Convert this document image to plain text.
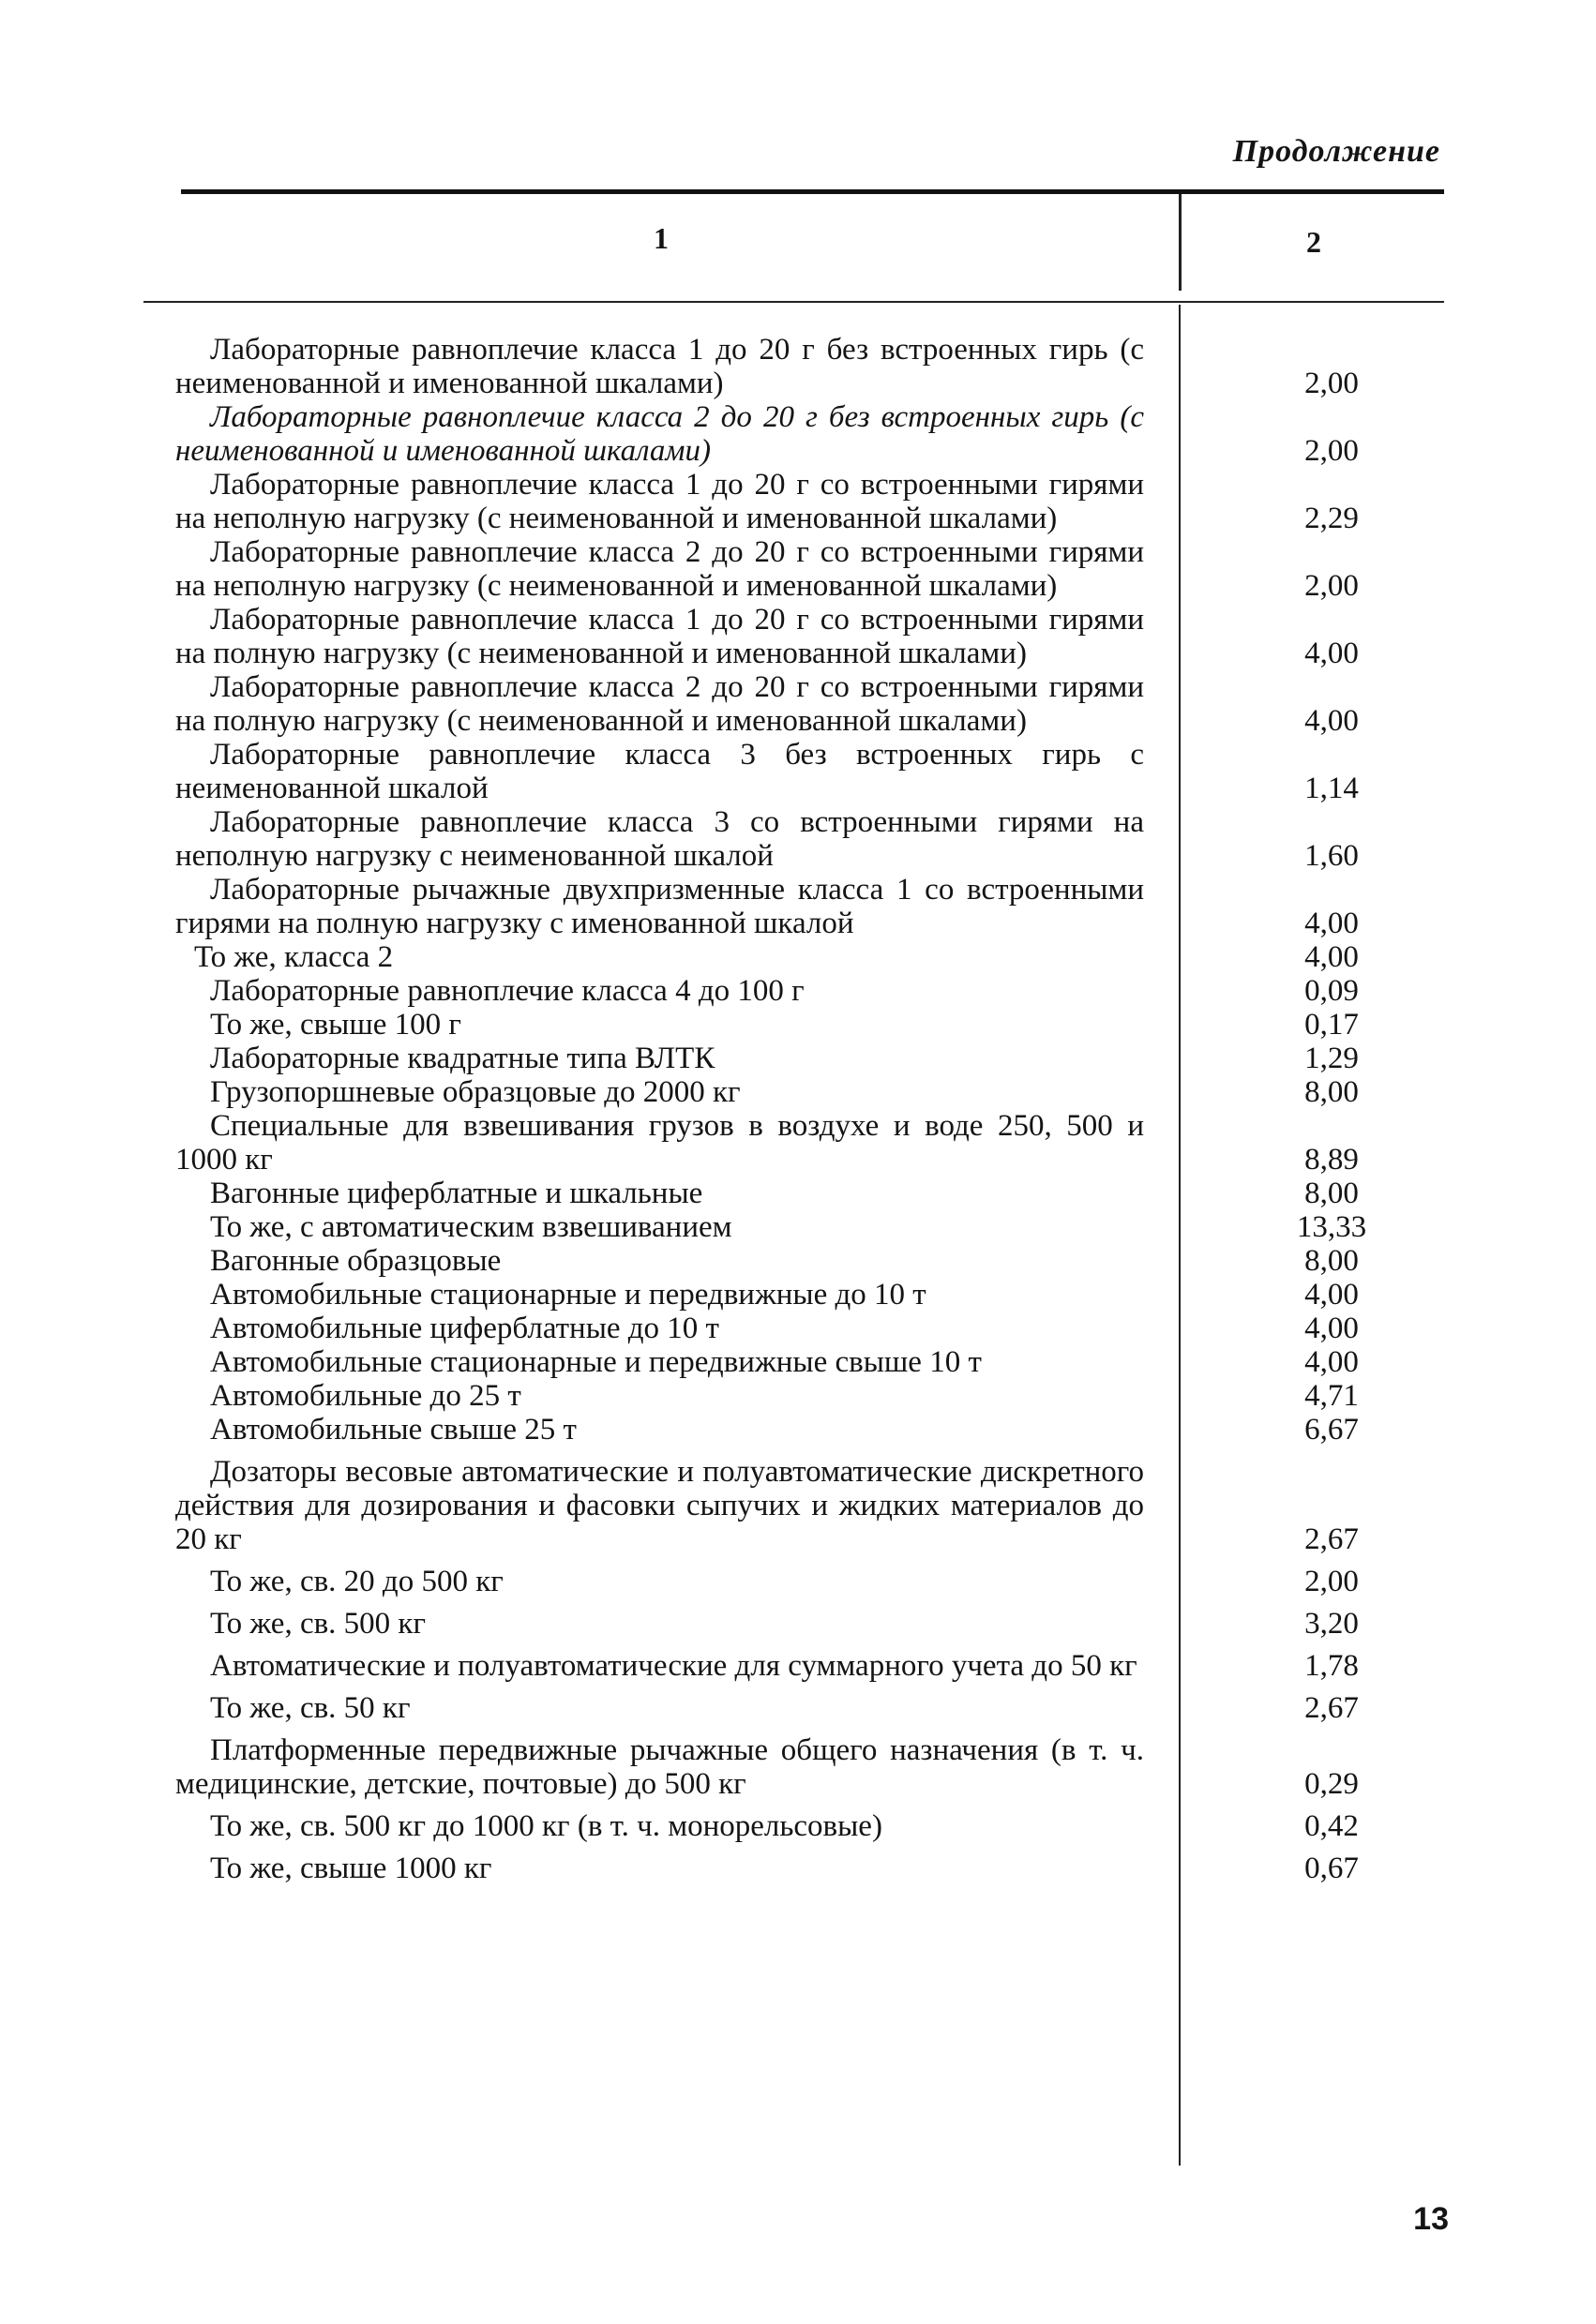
Продолжение
1	2
Лабораторные равноплечие класса 1 до 20 г без встроенных гирь (с неименованной и именованной шкалами)	2,00
Лабораторные равноплечие класса 2 до 20 г без встроенных гирь (с неименованной и именованной шкалами)	2,00
Лабораторные равноплечие класса 1 до 20 г со встроенными гирями на неполную нагрузку (с неименованной и именованной шкалами)	2,29
Лабораторные равноплечие класса 2 до 20 г со встроенными гирями на неполную нагрузку (с неименованной и именованной шкалами)	2,00
Лабораторные равноплечие класса 1 до 20 г со встроенными гирями на полную нагрузку (с неименованной и именованной шкалами)	4,00
Лабораторные равноплечие класса 2 до 20 г со встроенными гирями на полную нагрузку (с неименованной и именованной шкалами)	4,00
Лабораторные равноплечие класса 3 без встроенных гирь с неименованной шкалой	1,14
Лабораторные равноплечие класса 3 со встроенными гирями на неполную нагрузку с неименованной шкалой	1,60
Лабораторные рычажные двухпризменные класса 1 со встроенными гирями на полную нагрузку с именованной шкалой	4,00
То же, класса 2	4,00
Лабораторные равноплечие класса 4 до 100 г	0,09
То же, свыше 100 г	0,17
Лабораторные квадратные типа ВЛТК	1,29
Грузопоршневые образцовые до 2000 кг	8,00
Специальные для взвешивания грузов в воздухе и воде 250, 500 и 1000 кг	8,89
Вагонные циферблатные и шкальные	8,00
То же, с автоматическим взвешиванием	13,33
Вагонные образцовые	8,00
Автомобильные стационарные и передвижные до 10 т	4,00
Автомобильные циферблатные до 10 т	4,00
Автомобильные стационарные и передвижные свыше 10 т	4,00
Автомобильные до 25 т	4,71
Автомобильные свыше 25 т	6,67
Дозаторы весовые автоматические и полуавтоматические дискретного действия для дозирования и фасовки сыпучих и жидких материалов до 20 кг	2,67
То же, св. 20 до 500 кг	2,00
То же, св. 500 кг	3,20
Автоматические и полуавтоматические для суммарного учета до 50 кг	1,78
То же, св. 50 кг	2,67
Платформенные передвижные рычажные общего назначения (в т. ч. медицинские, детские, почтовые) до 500 кг	0,29
То же, св. 500 кг до 1000 кг (в т. ч. монорельсовые)	0,42
То же, свыше 1000 кг	0,67
13
